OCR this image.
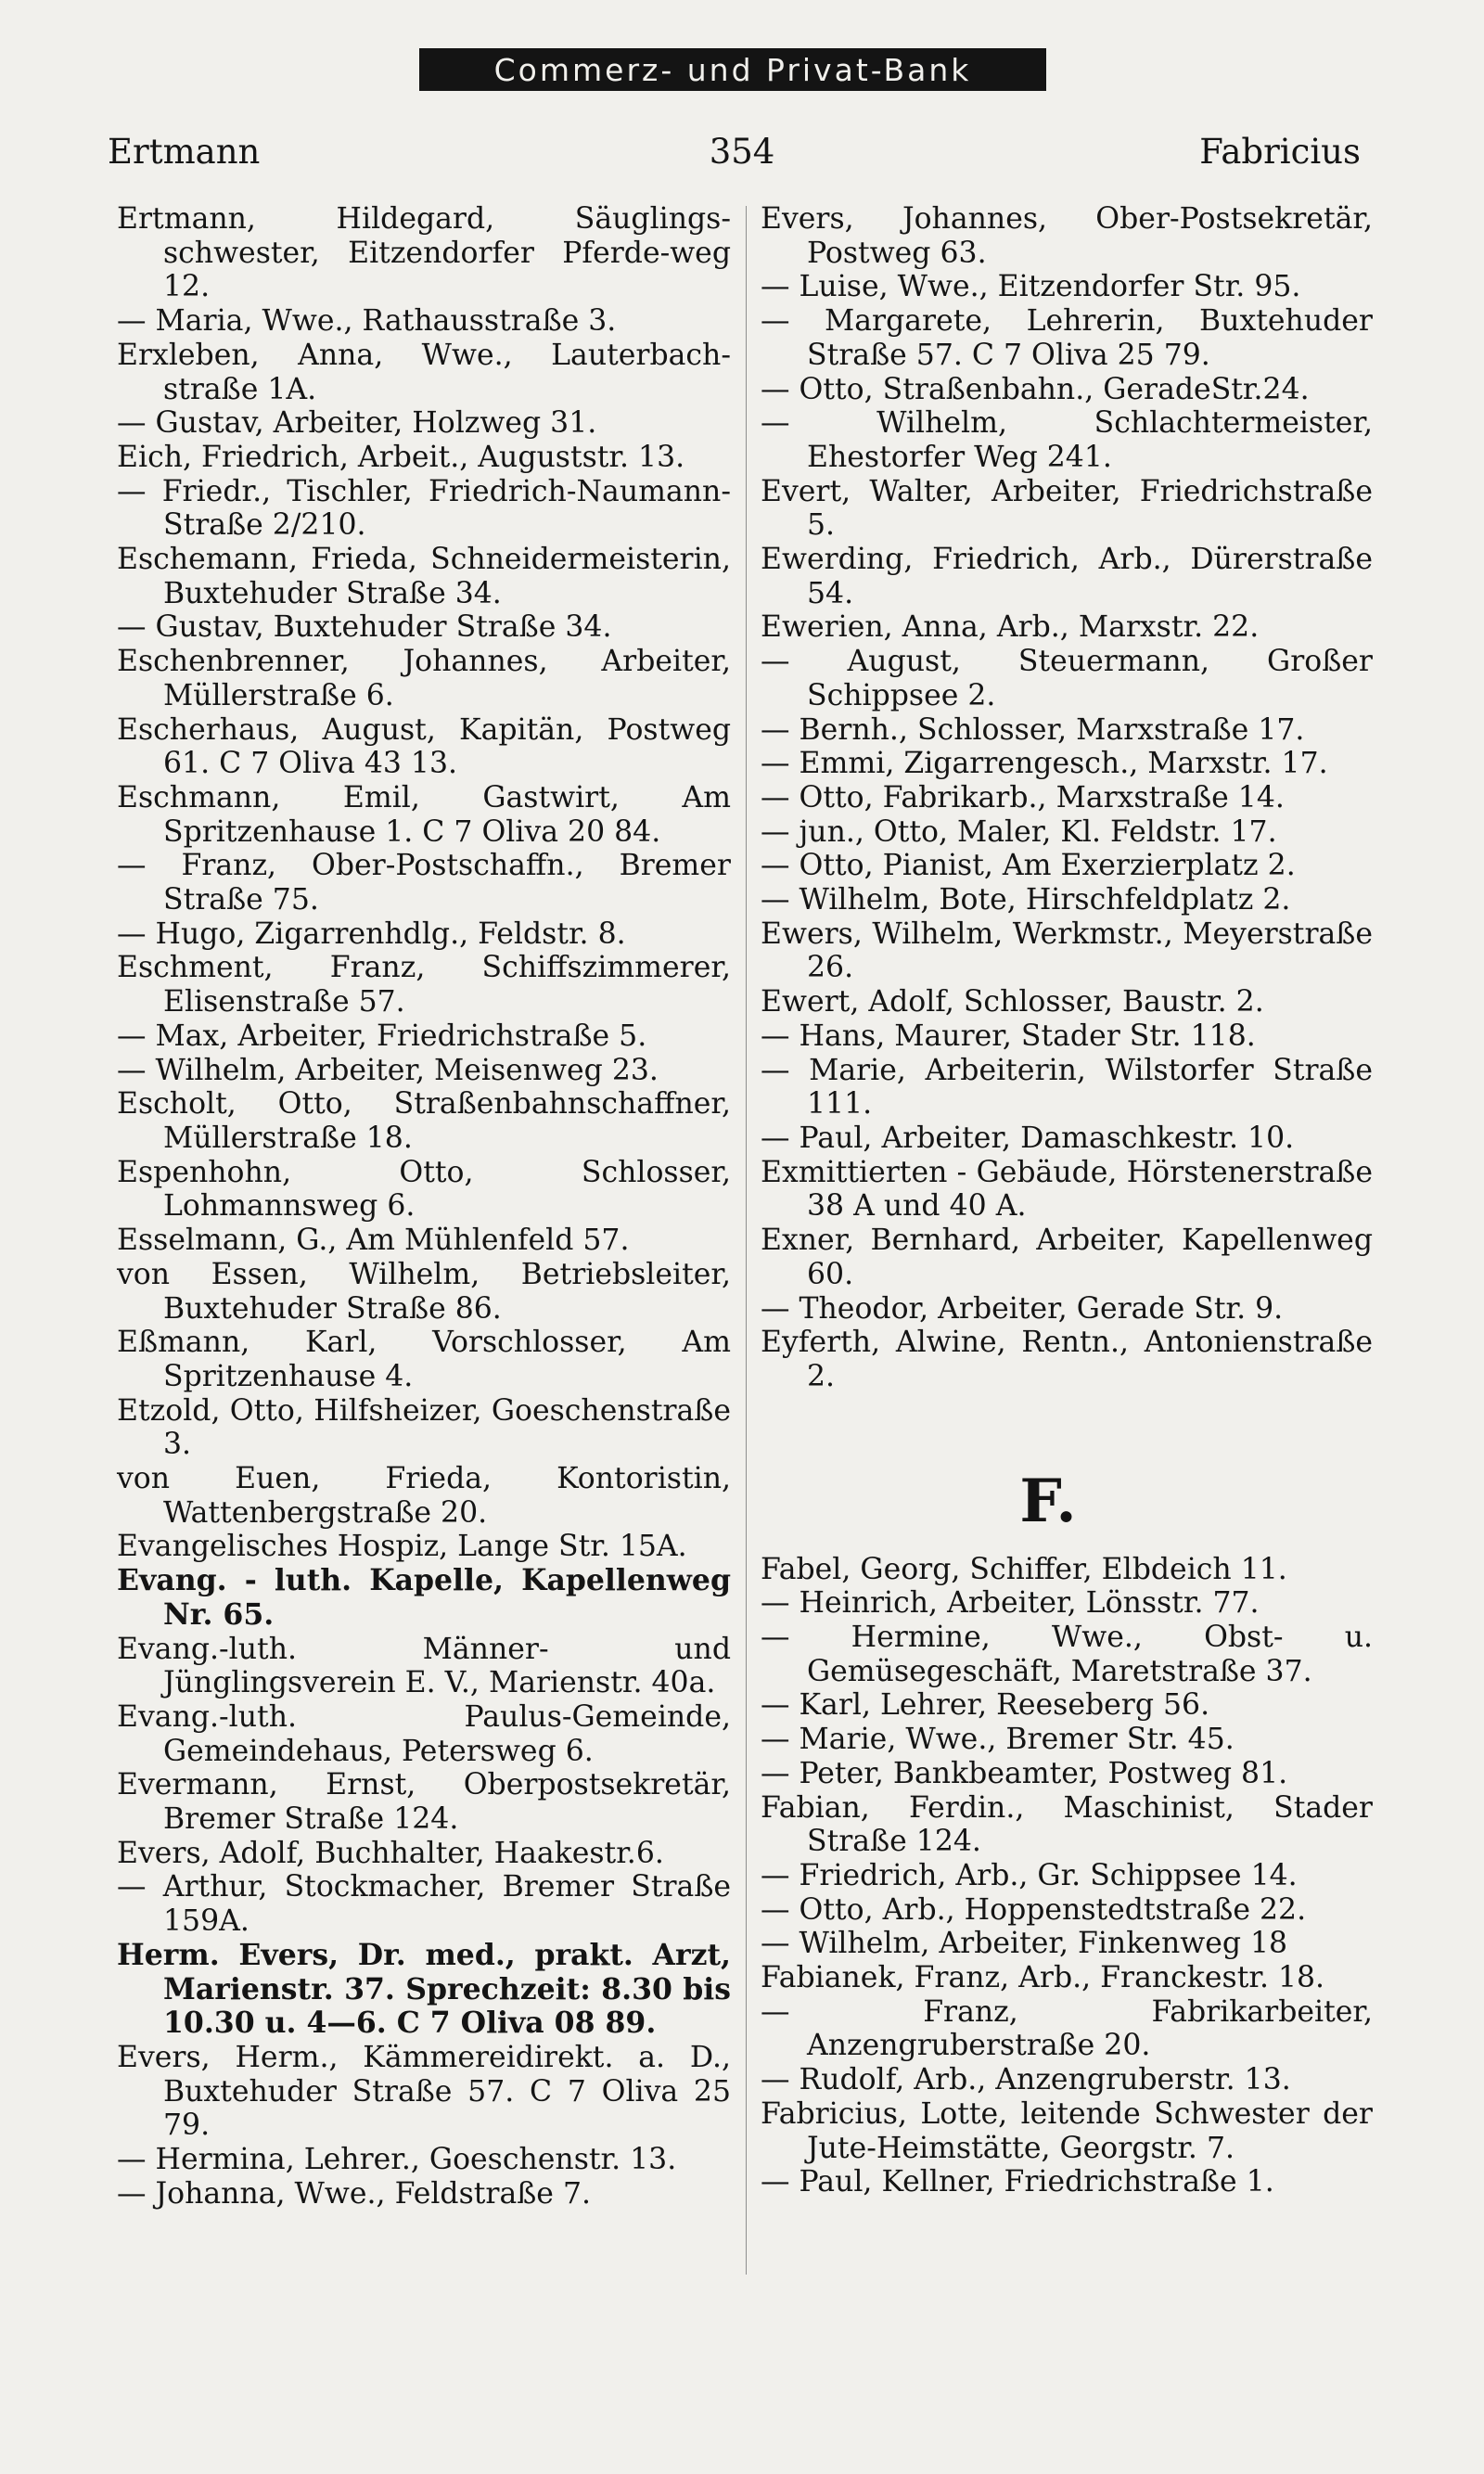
Commerz- und Privat-Bank
Ertmann	354	Fabricius

Ertmann, Hildegard, Säuglings-schwester, Eitzendorfer Pferde-weg 12.

— Maria, Wwe., Rathausstraße 3.

Erxleben, Anna, Wwe., Lauterbach-straße 1A.

— Gustav, Arbeiter, Holzweg 31.

Eich, Friedrich, Arbeit., Auguststr. 13.

— Friedr., Tischler, Friedrich-Naumann-Straße 2/210.

Eschemann, Frieda, Schneidermeisterin, Buxtehuder Straße 34.

— Gustav, Buxtehuder Straße 34.

Eschenbrenner, Johannes, Arbeiter, Müllerstraße 6.

Escherhaus, August, Kapitän, Postweg 61. C 7 Oliva 43 13.

Eschmann, Emil, Gastwirt, Am Spritzenhause 1. C 7 Oliva 20 84.

— Franz, Ober-Postschaffn., Bremer Straße 75.

— Hugo, Zigarrenhdlg., Feldstr. 8.

Eschment, Franz, Schiffszimmerer, Elisenstraße 57.

— Max, Arbeiter, Friedrichstraße 5.

— Wilhelm, Arbeiter, Meisenweg 23.

Escholt, Otto, Straßenbahnschaffner, Müllerstraße 18.

Espenhohn, Otto, Schlosser, Lohmannsweg 6.

Esselmann, G., Am Mühlenfeld 57.

von Essen, Wilhelm, Betriebsleiter, Buxtehuder Straße 86.

Eßmann, Karl, Vorschlosser, Am Spritzenhause 4.

Etzold, Otto, Hilfsheizer, Goeschenstraße 3.

von Euen, Frieda, Kontoristin, Wattenbergstraße 20.

Evangelisches Hospiz, Lange Str. 15A.

Evang. - luth. Kapelle, Kapellenweg Nr. 65.

Evang.-luth. Männer- und Jünglingsverein E. V., Marienstr. 40a.

Evang.-luth. Paulus-Gemeinde, Gemeindehaus, Petersweg 6.

Evermann, Ernst, Oberpostsekretär, Bremer Straße 124.

Evers, Adolf, Buchhalter, Haakestr.6.

— Arthur, Stockmacher, Bremer Straße 159A.

Herm. Evers, Dr. med., prakt. Arzt, Marienstr. 37. Sprechzeit: 8.30 bis 10.30 u. 4—6. C 7 Oliva 08 89.

Evers, Herm., Kämmereidirekt. a. D., Buxtehuder Straße 57. C 7 Oliva 25 79.

— Hermina, Lehrer., Goeschenstr. 13.

— Johanna, Wwe., Feldstraße 7.

Evers, Johannes, Ober-Postsekretär, Postweg 63.

— Luise, Wwe., Eitzendorfer Str. 95.

— Margarete, Lehrerin, Buxtehuder Straße 57. C 7 Oliva 25 79.

— Otto, Straßenbahn., GeradeStr.24.

— Wilhelm, Schlachtermeister, Ehestorfer Weg 241.

Evert, Walter, Arbeiter, Friedrichstraße 5.

Ewerding, Friedrich, Arb., Dürerstraße 54.

Ewerien, Anna, Arb., Marxstr. 22.

— August, Steuermann, Großer Schippsee 2.

— Bernh., Schlosser, Marxstraße 17.

— Emmi, Zigarrengesch., Marxstr. 17.

— Otto, Fabrikarb., Marxstraße 14.

— jun., Otto, Maler, Kl. Feldstr. 17.

— Otto, Pianist, Am Exerzierplatz 2.

— Wilhelm, Bote, Hirschfeldplatz 2.

Ewers, Wilhelm, Werkmstr., Meyerstraße 26.

Ewert, Adolf, Schlosser, Baustr. 2.

— Hans, Maurer, Stader Str. 118.

— Marie, Arbeiterin, Wilstorfer Straße 111.

— Paul, Arbeiter, Damaschkestr. 10.

Exmittierten - Gebäude, Hörstenerstraße 38 A und 40 A.

Exner, Bernhard, Arbeiter, Kapellenweg 60.

— Theodor, Arbeiter, Gerade Str. 9.

Eyferth, Alwine, Rentn., Antonienstraße 2.

F.

Fabel, Georg, Schiffer, Elbdeich 11.

— Heinrich, Arbeiter, Lönsstr. 77.

— Hermine, Wwe., Obst- u. Gemüsegeschäft, Maretstraße 37.

— Karl, Lehrer, Reeseberg 56.

— Marie, Wwe., Bremer Str. 45.

— Peter, Bankbeamter, Postweg 81.

Fabian, Ferdin., Maschinist, Stader Straße 124.

— Friedrich, Arb., Gr. Schippsee 14.

— Otto, Arb., Hoppenstedtstraße 22.

— Wilhelm, Arbeiter, Finkenweg 18

Fabianek, Franz, Arb., Franckestr. 18.

— Franz, Fabrikarbeiter, Anzengruberstraße 20.

— Rudolf, Arb., Anzengruberstr. 13.

Fabricius, Lotte, leitende Schwester der Jute-Heimstätte, Georgstr. 7.

— Paul, Kellner, Friedrichstraße 1.
